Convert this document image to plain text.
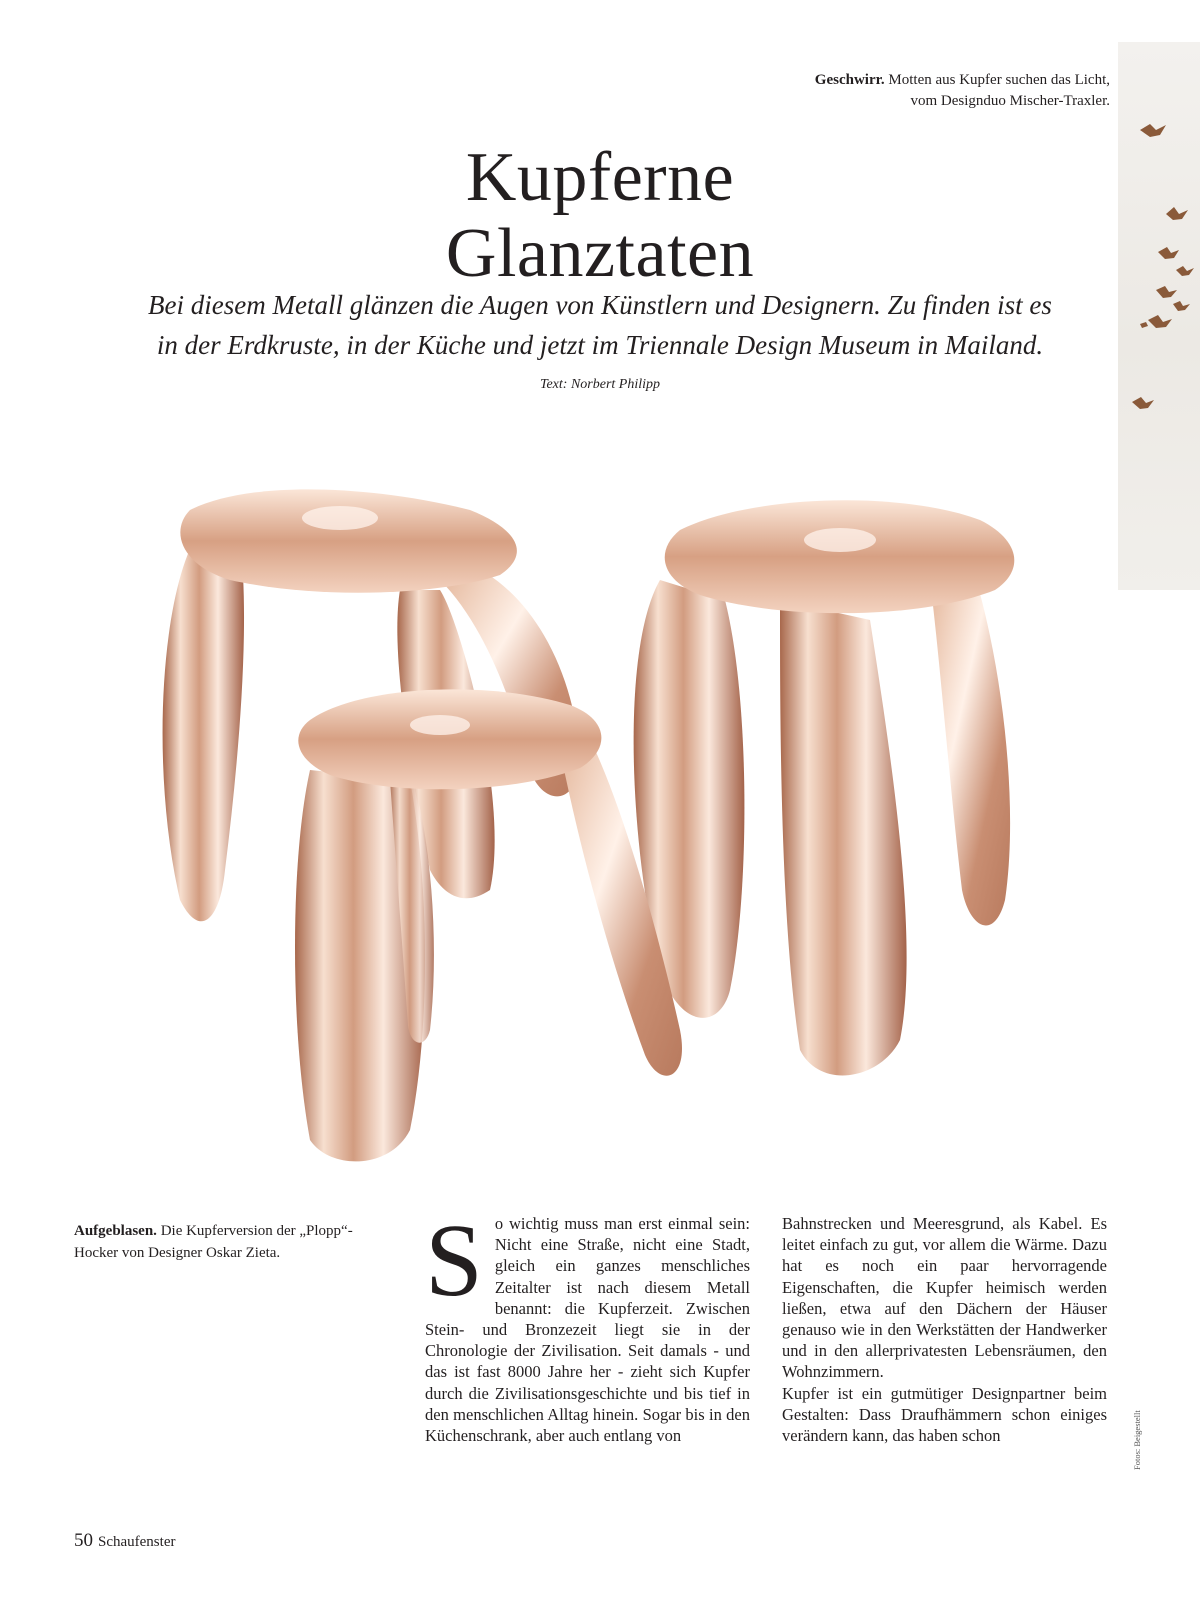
Geschwirr. Motten aus Kupfer suchen das Licht, vom Designduo Mischer-Traxler.
Kupferne
Glanztaten

Bei diesem Metall glänzen die Augen von Künstlern und Designern. Zu finden ist es
in der Erdkruste, in der Küche und jetzt im Triennale Design Museum in Mailand.

Text: Norbert Philipp
Aufgeblasen. Die Kupferversion der „Plopp“-Hocker von Designer Oskar Zieta.	S o wichtig muss man erst einmal sein: Nicht eine Straße, nicht eine Stadt, gleich ein ganzes menschliches Zeitalter ist nach diesem Metall benannt: die Kupferzeit. Zwischen Stein- und Bronzezeit liegt sie in der Chronologie der Zivilisation. Seit damals - und das ist fast 8000 Jahre her - zieht sich Kupfer durch die Zivilisationsgeschichte und bis tief in den menschlichen Alltag hinein. Sogar bis in den Küchenschrank, aber auch entlang von

Bahnstrecken und Meeresgrund, als Kabel. Es leitet einfach zu gut, vor allem die Wärme. Dazu hat es noch ein paar hervorragende Eigenschaften, die Kupfer heimisch werden ließen, etwa auf den Dächern der Häuser genauso wie in den Werkstätten der Handwerker und in den allerprivatesten Lebensräumen, den Wohnzimmern.

Kupfer ist ein gutmütiger Designpartner beim Gestalten: Dass Draufhämmern schon einiges verändern kann, das haben schon	Fotos: Beigestellt
50 Schaufenster
